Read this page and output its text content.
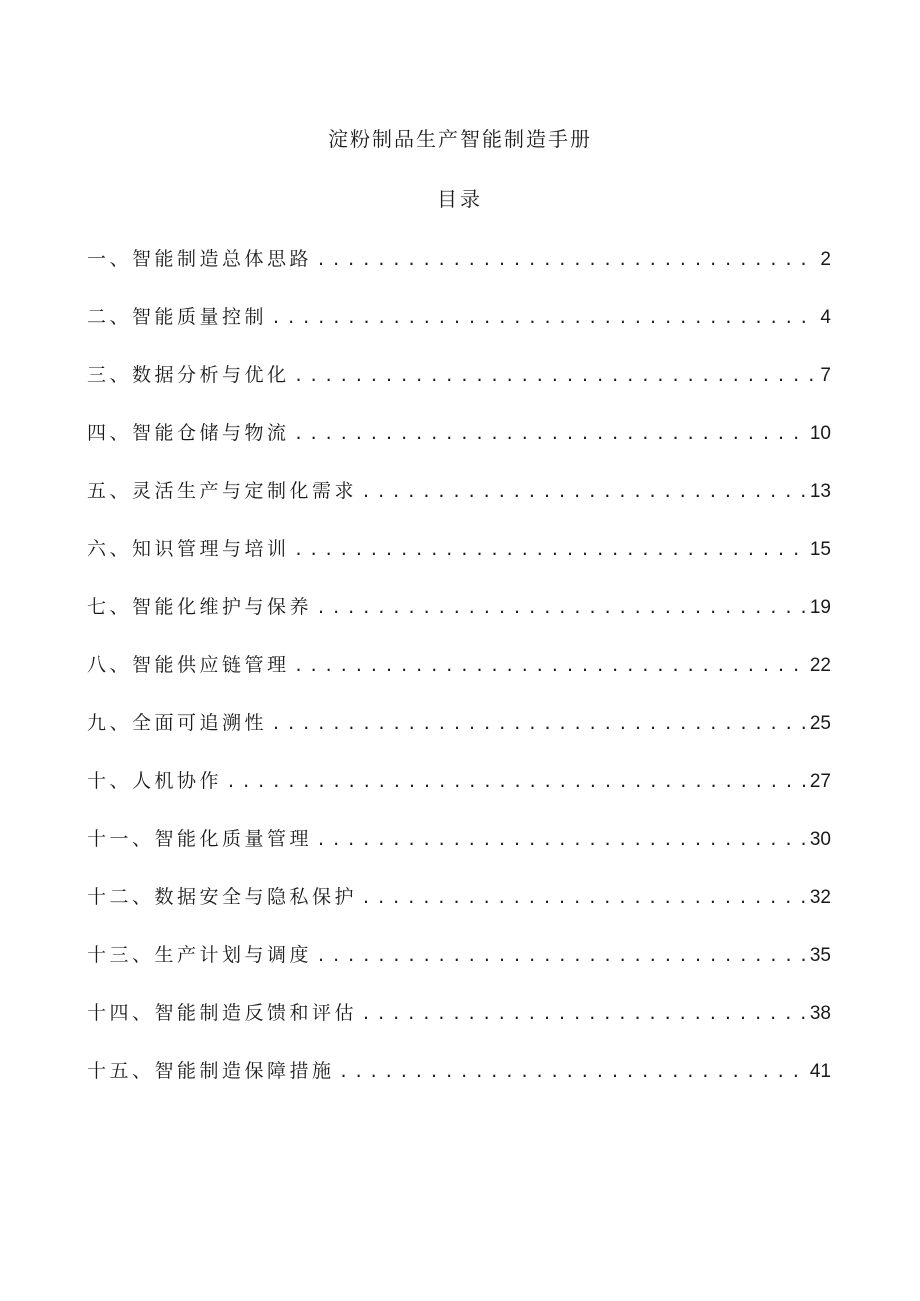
淀粉制品生产智能制造手册
目录
一、智能制造总体思路 . . .	2
二、智能质量控制 . . .	4
三、数据分析与优化 . . .	7
四、智能仓储与物流 . . .	10
五、灵活生产与定制化需求 . . .	13
六、知识管理与培训 . . .	15
七、智能化维护与保养 . . .	19
八、智能供应链管理 . . .	22
九、全面可追溯性 . . .	25
十、人机协作 . . .	27
十一、智能化质量管理 . . .	30
十二、数据安全与隐私保护 . . .	32
十三、生产计划与调度 . . .	35
十四、智能制造反馈和评估 . . .	38
十五、智能制造保障措施 . . .	41
